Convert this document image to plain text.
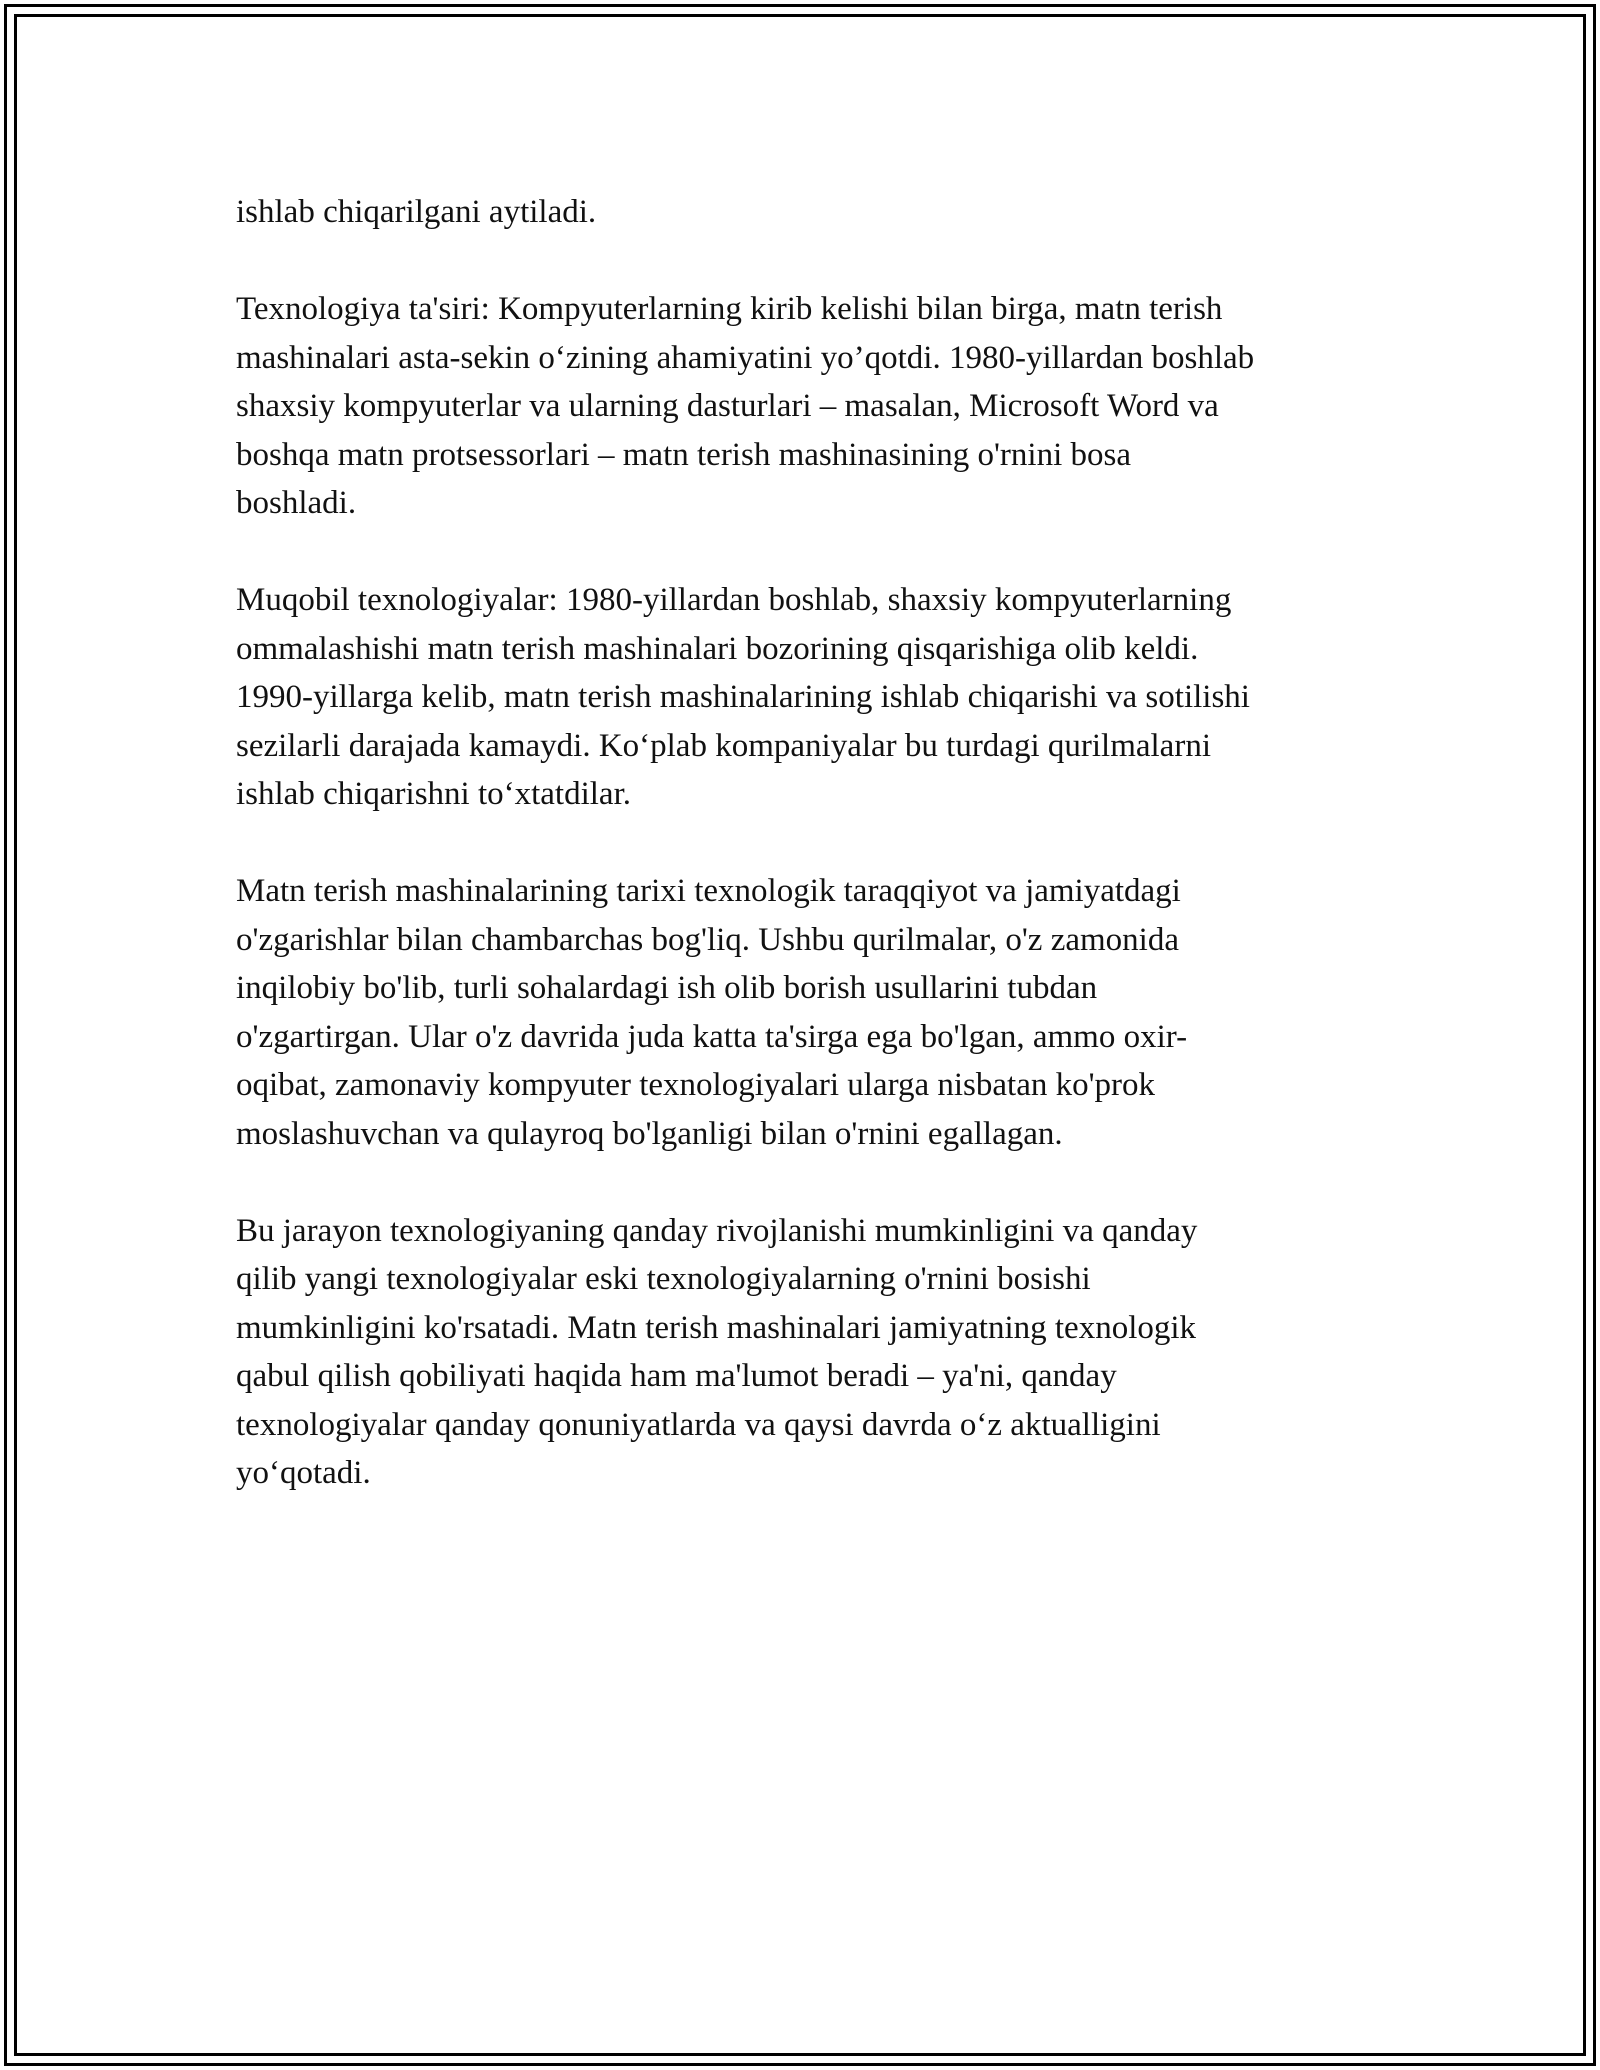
ishlab chiqarilgani aytiladi.

Texnologiya ta'siri: Kompyuterlarning kirib kelishi bilan birga, matn terish
mashinalari asta-sekin o‘zining ahamiyatini yo’qotdi. 1980-yillardan boshlab
shaxsiy kompyuterlar va ularning dasturlari – masalan, Microsoft Word va
boshqa matn protsessorlari – matn terish mashinasining o'rnini bosa
boshladi.

Muqobil texnologiyalar: 1980-yillardan boshlab, shaxsiy kompyuterlarning
ommalashishi matn terish mashinalari bozorining qisqarishiga olib keldi.
1990-yillarga kelib, matn terish mashinalarining ishlab chiqarishi va sotilishi
sezilarli darajada kamaydi. Ko‘plab kompaniyalar bu turdagi qurilmalarni
ishlab chiqarishni to‘xtatdilar.

Matn terish mashinalarining tarixi texnologik taraqqiyot va jamiyatdagi
o'zgarishlar bilan chambarchas bog'liq. Ushbu qurilmalar, o'z zamonida
inqilobiy bo'lib, turli sohalardagi ish olib borish usullarini tubdan
o'zgartirgan. Ular o'z davrida juda katta ta'sirga ega bo'lgan, ammo oxir-
oqibat, zamonaviy kompyuter texnologiyalari ularga nisbatan ko'prok
moslashuvchan va qulayroq bo'lganligi bilan o'rnini egallagan.

Bu jarayon texnologiyaning qanday rivojlanishi mumkinligini va qanday
qilib yangi texnologiyalar eski texnologiyalarning o'rnini bosishi
mumkinligini ko'rsatadi. Matn terish mashinalari jamiyatning texnologik
qabul qilish qobiliyati haqida ham ma'lumot beradi – ya'ni, qanday
texnologiyalar qanday qonuniyatlarda va qaysi davrda o‘z aktualligini
yo‘qotadi.
